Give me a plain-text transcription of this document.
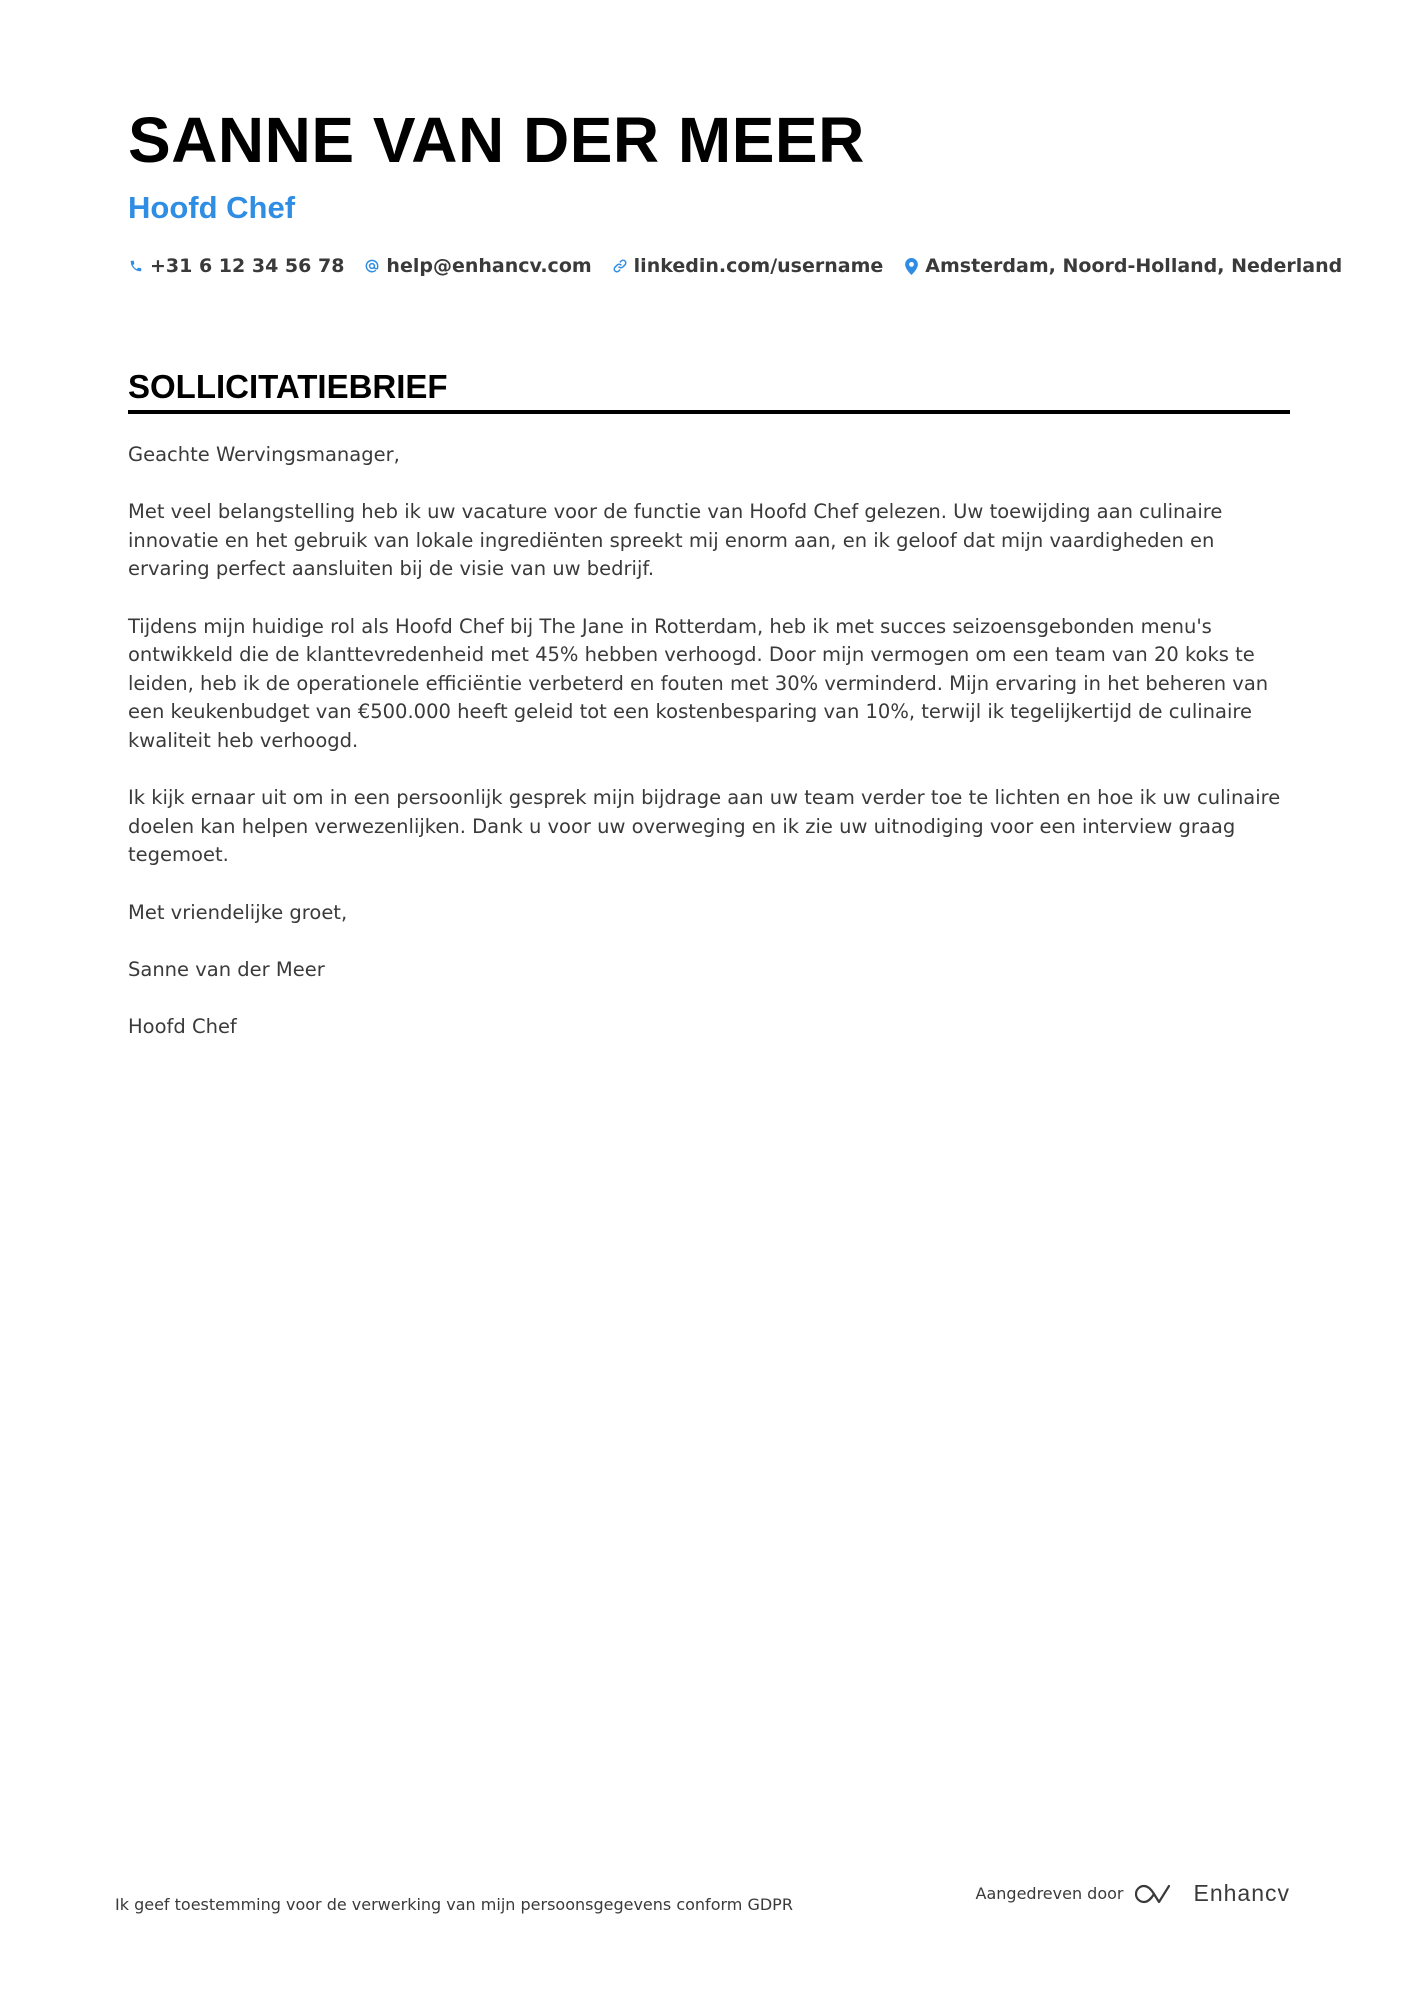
SANNE VAN DER MEER
Hoofd Chef
+31 6 12 34 56 78 help@enhancv.com linkedin.com/username Amsterdam, Noord-Holland, Nederland
SOLLICITATIEBRIEF

Geachte Wervingsmanager,

Met veel belangstelling heb ik uw vacature voor de functie van Hoofd Chef gelezen. Uw toewijding aan culinaire innovatie en het gebruik van lokale ingrediënten spreekt mij enorm aan, en ik geloof dat mijn vaardigheden en ervaring perfect aansluiten bij de visie van uw bedrijf.

Tijdens mijn huidige rol als Hoofd Chef bij The Jane in Rotterdam, heb ik met succes seizoensgebonden menu's ontwikkeld die de klanttevredenheid met 45% hebben verhoogd. Door mijn vermogen om een team van 20 koks te leiden, heb ik de operationele efficiëntie verbeterd en fouten met 30% verminderd. Mijn ervaring in het beheren van een keukenbudget van €500.000 heeft geleid tot een kostenbesparing van 10%, terwijl ik tegelijkertijd de culinaire kwaliteit heb verhoogd.

Ik kijk ernaar uit om in een persoonlijk gesprek mijn bijdrage aan uw team verder toe te lichten en hoe ik uw culinaire doelen kan helpen verwezenlijken. Dank u voor uw overweging en ik zie uw uitnodiging voor een interview graag tegemoet.

Met vriendelijke groet,

Sanne van der Meer

Hoofd Chef

Ik geef toestemming voor de verwerking van mijn persoonsgegevens conform GDPR
Aangedreven door	Enhancv
